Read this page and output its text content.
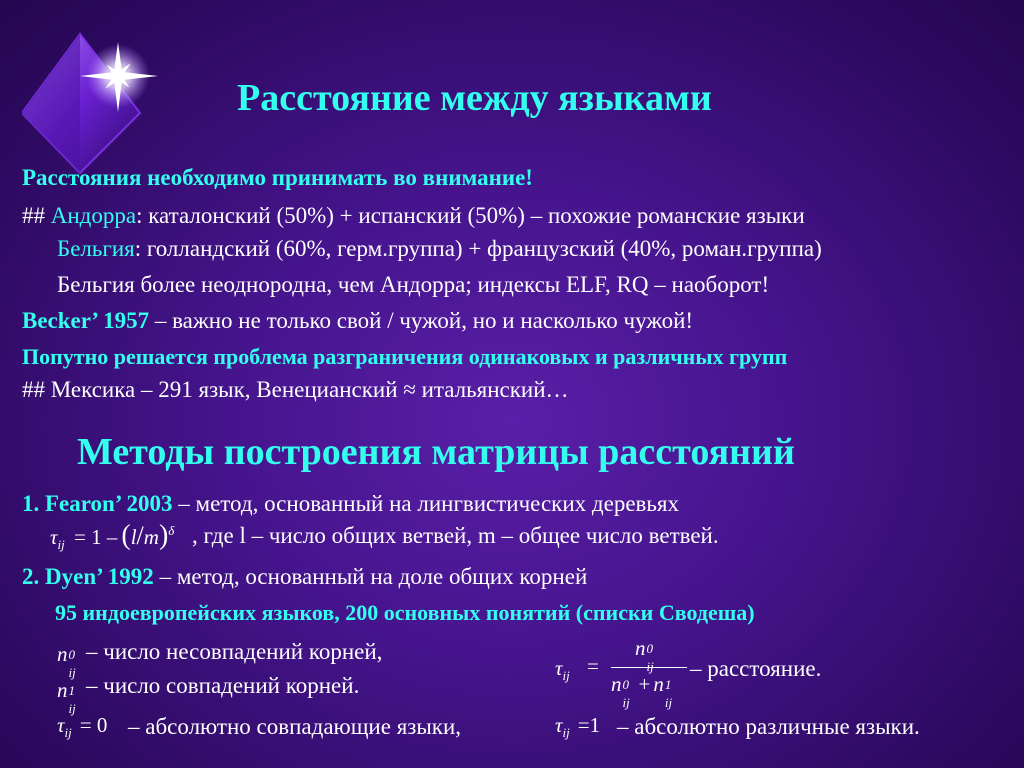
Расстояние между языками
Расстояния необходимо принимать во внимание!
## Андорра: каталонский (50%) + испанский (50%) – похожие романские языки
Бельгия: голландский (60%, герм.группа) + французский (40%, роман.группа)
Бельгия более неоднородна, чем Андорра; индексы ELF, RQ – наоборот!
Becker’ 1957 – важно не только свой / чужой, но и насколько чужой!
Попутно решается проблема разграничения одинаковых и различных групп
## Мексика – 291 язык, Венецианский ≈ итальянский…
Методы построения матрицы расстояний
1. Fearon’ 2003 – метод, основанный на лингвистических деревьях
$\tau_{ij} = 1 - (l/m)^\delta$ , где l – число общих ветвей, m – общее число ветвей.
2. Dyen’ 1992 – метод, основанный на доле общих корней
95 индоевропейских языков, 200 основных понятий (списки Сводеша)
n 0
ij
– число несовпадений корней,
n 1
ij
– число совпадений корней.
$\tau_{ij}$ =
n 0
n 0
ij
+ n 1
ij
– расстояние.
$\tau_{ij} = 0$ – абсолютно совпадающие языки,	$\tau_{ij} =1$ – абсолютно различные языки.
